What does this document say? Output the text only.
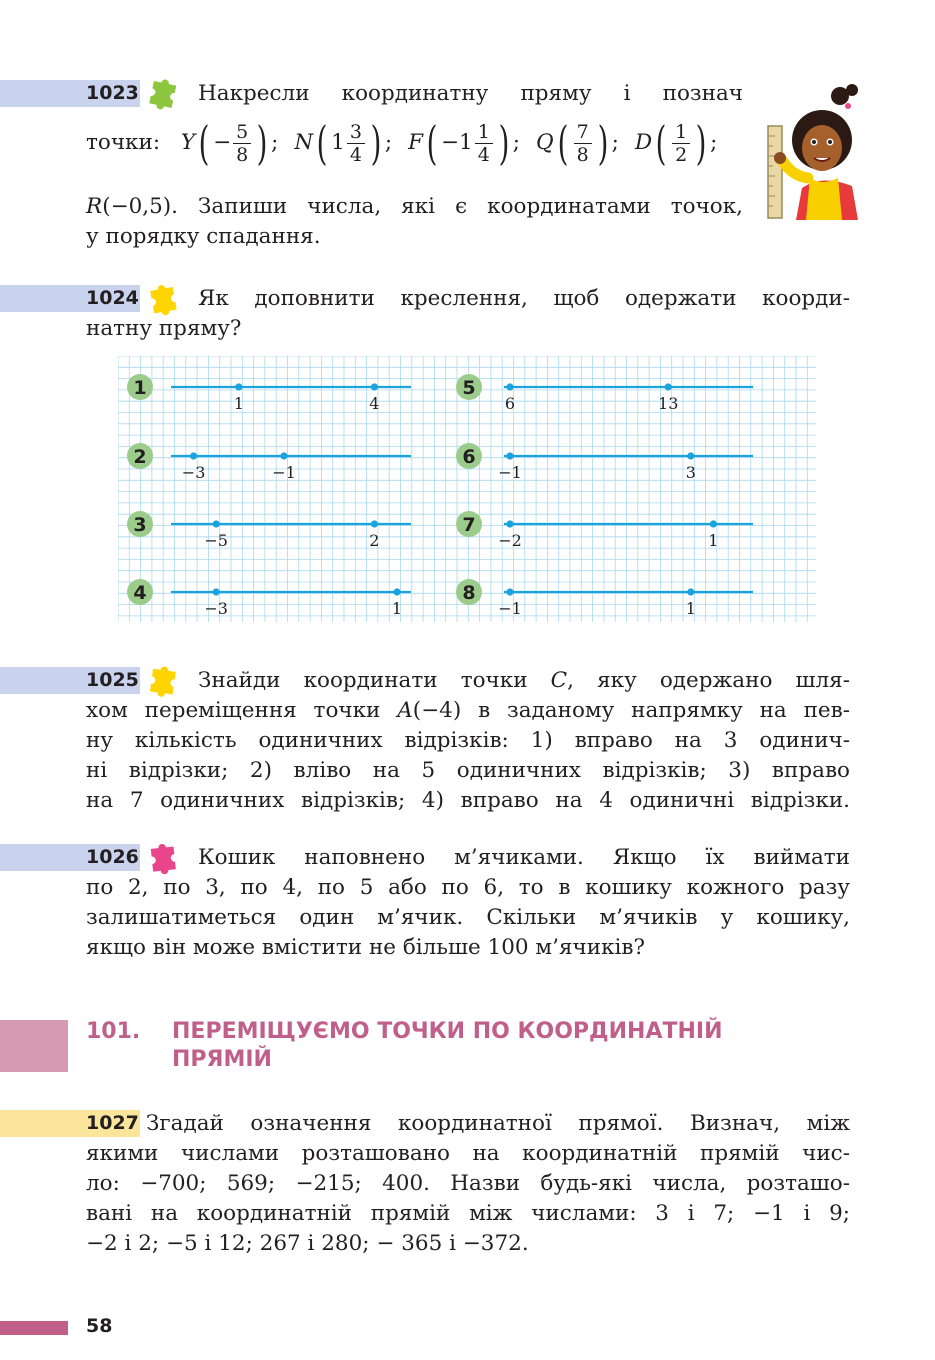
1023	Накресли координатну пряму і познач
точки: $Y( - \frac{5}{8}$ ) ; N( $1 \frac{3}{4}$ ) ; $F( -1 \frac{1}{4}$ ) ; $Q( \frac{7}{8}$ ) ; $D( \frac{1}{2}$ ) ;
R(−0,5). Запиши числа, які є координатами точок,
у порядку спадання.
1024	Як доповнити креслення, щоб одержати коорди-
натну пряму?
1
1	4
2
−3	−1
3
−5	2
4
−3	1
5
6	13
6
−1	3
7
−2	1
8
−1	1
1025	Знайди координати точки C, яку одержано шля-
хом переміщення точки A(−4) в заданому напрямку на пев-
ну кількість одиничних відрізків: 1) вправо на 3 одинич-
ні відрізки; 2) вліво на 5 одиничних відрізків; 3) вправо
на 7 одиничних відрізків; 4) вправо на 4 одиничні відрізки.
1026	Кошик наповнено м’ячиками. Якщо їх виймати
по 2, по 3, по 4, по 5 або по 6, то в кошику кожного разу
залишатиметься один м’ячик. Скільки м’ячиків у кошику,
якщо він може вмістити не більше 100 м’ячиків?
101. ПЕРЕМІЩУЄМО ТОЧКИ ПО КООРДИНАТНІЙ
ПРЯМІЙ
1027 Згадай означення координатної прямої. Визнач, між
якими числами розташовано на координатній прямій чис-
ло: −700; 569; −215; 400. Назви будь-які числа, розташо-
вані на координатній прямій між числами: 3 і 7; −1 і 9;
−2 і 2; −5 і 12; 267 і 280; − 365 і −372.
58
